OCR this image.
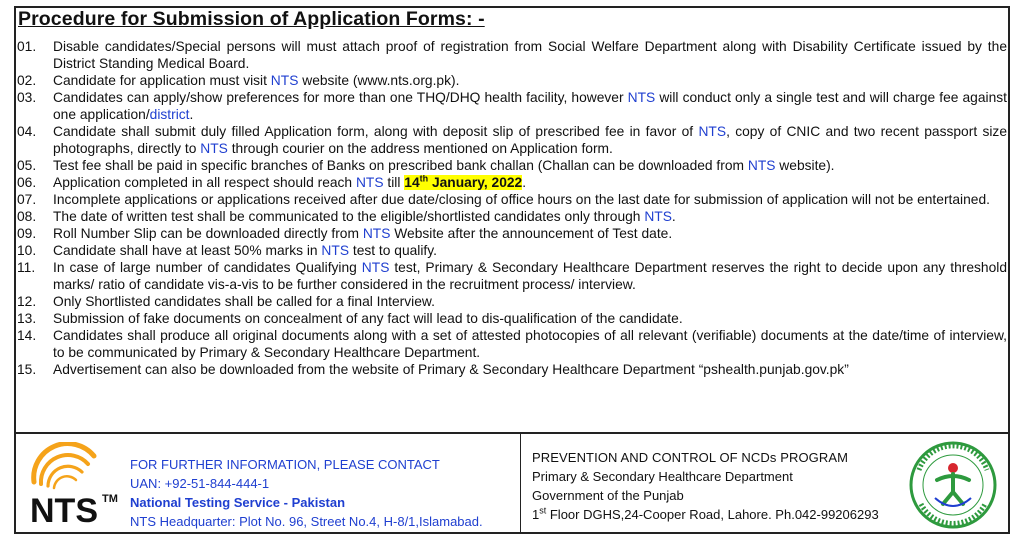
Procedure for Submission of Application Forms: -
01.	Disable candidates/Special persons will must attach proof of registration from Social Welfare Department along with Disability Certificate issued by the District Standing Medical Board.
02.	Candidate for application must visit NTS website (www.nts.org.pk).
03.	Candidates can apply/show preferences for more than one THQ/DHQ health facility, however NTS will conduct only a single test and will charge fee against one application/district.
04.	Candidate shall submit duly filled Application form, along with deposit slip of prescribed fee in favor of NTS, copy of CNIC and two recent passport size photographs, directly to NTS through courier on the address mentioned on Application form.
05.	Test fee shall be paid in specific branches of Banks on prescribed bank challan (Challan can be downloaded from NTS website).
06.	Application completed in all respect should reach NTS till 14th January, 2022.
07.	Incomplete applications or applications received after due date/closing of office hours on the last date for submission of application will not be entertained.
08.	The date of written test shall be communicated to the eligible/shortlisted candidates only through NTS.
09.	Roll Number Slip can be downloaded directly from NTS Website after the announcement of Test date.
10.	Candidate shall have at least 50% marks in NTS test to qualify.
11.	In case of large number of candidates Qualifying NTS test, Primary & Secondary Healthcare Department reserves the right to decide upon any threshold marks/ ratio of candidate vis-a-vis to be further considered in the recruitment process/ interview.
12.	Only Shortlisted candidates shall be called for a final Interview.
13.	Submission of fake documents on concealment of any fact will lead to dis-qualification of the candidate.
14.	Candidates shall produce all original documents along with a set of attested photocopies of all relevant (verifiable) documents at the date/time of interview, to be communicated by Primary & Secondary Healthcare Department.
15.	Advertisement can also be downloaded from the website of Primary & Secondary Healthcare Department “pshealth.punjab.gov.pk”
NTS TM
FOR FURTHER INFORMATION, PLEASE CONTACT
UAN: +92-51-844-444-1
National Testing Service - Pakistan
NTS Headquarter: Plot No. 96, Street No.4, H-8/1,Islamabad.
PREVENTION AND CONTROL OF NCDs PROGRAM
Primary & Secondary Healthcare Department
Government of the Punjab
1st Floor DGHS,24-Cooper Road, Lahore. Ph.042-99206293
